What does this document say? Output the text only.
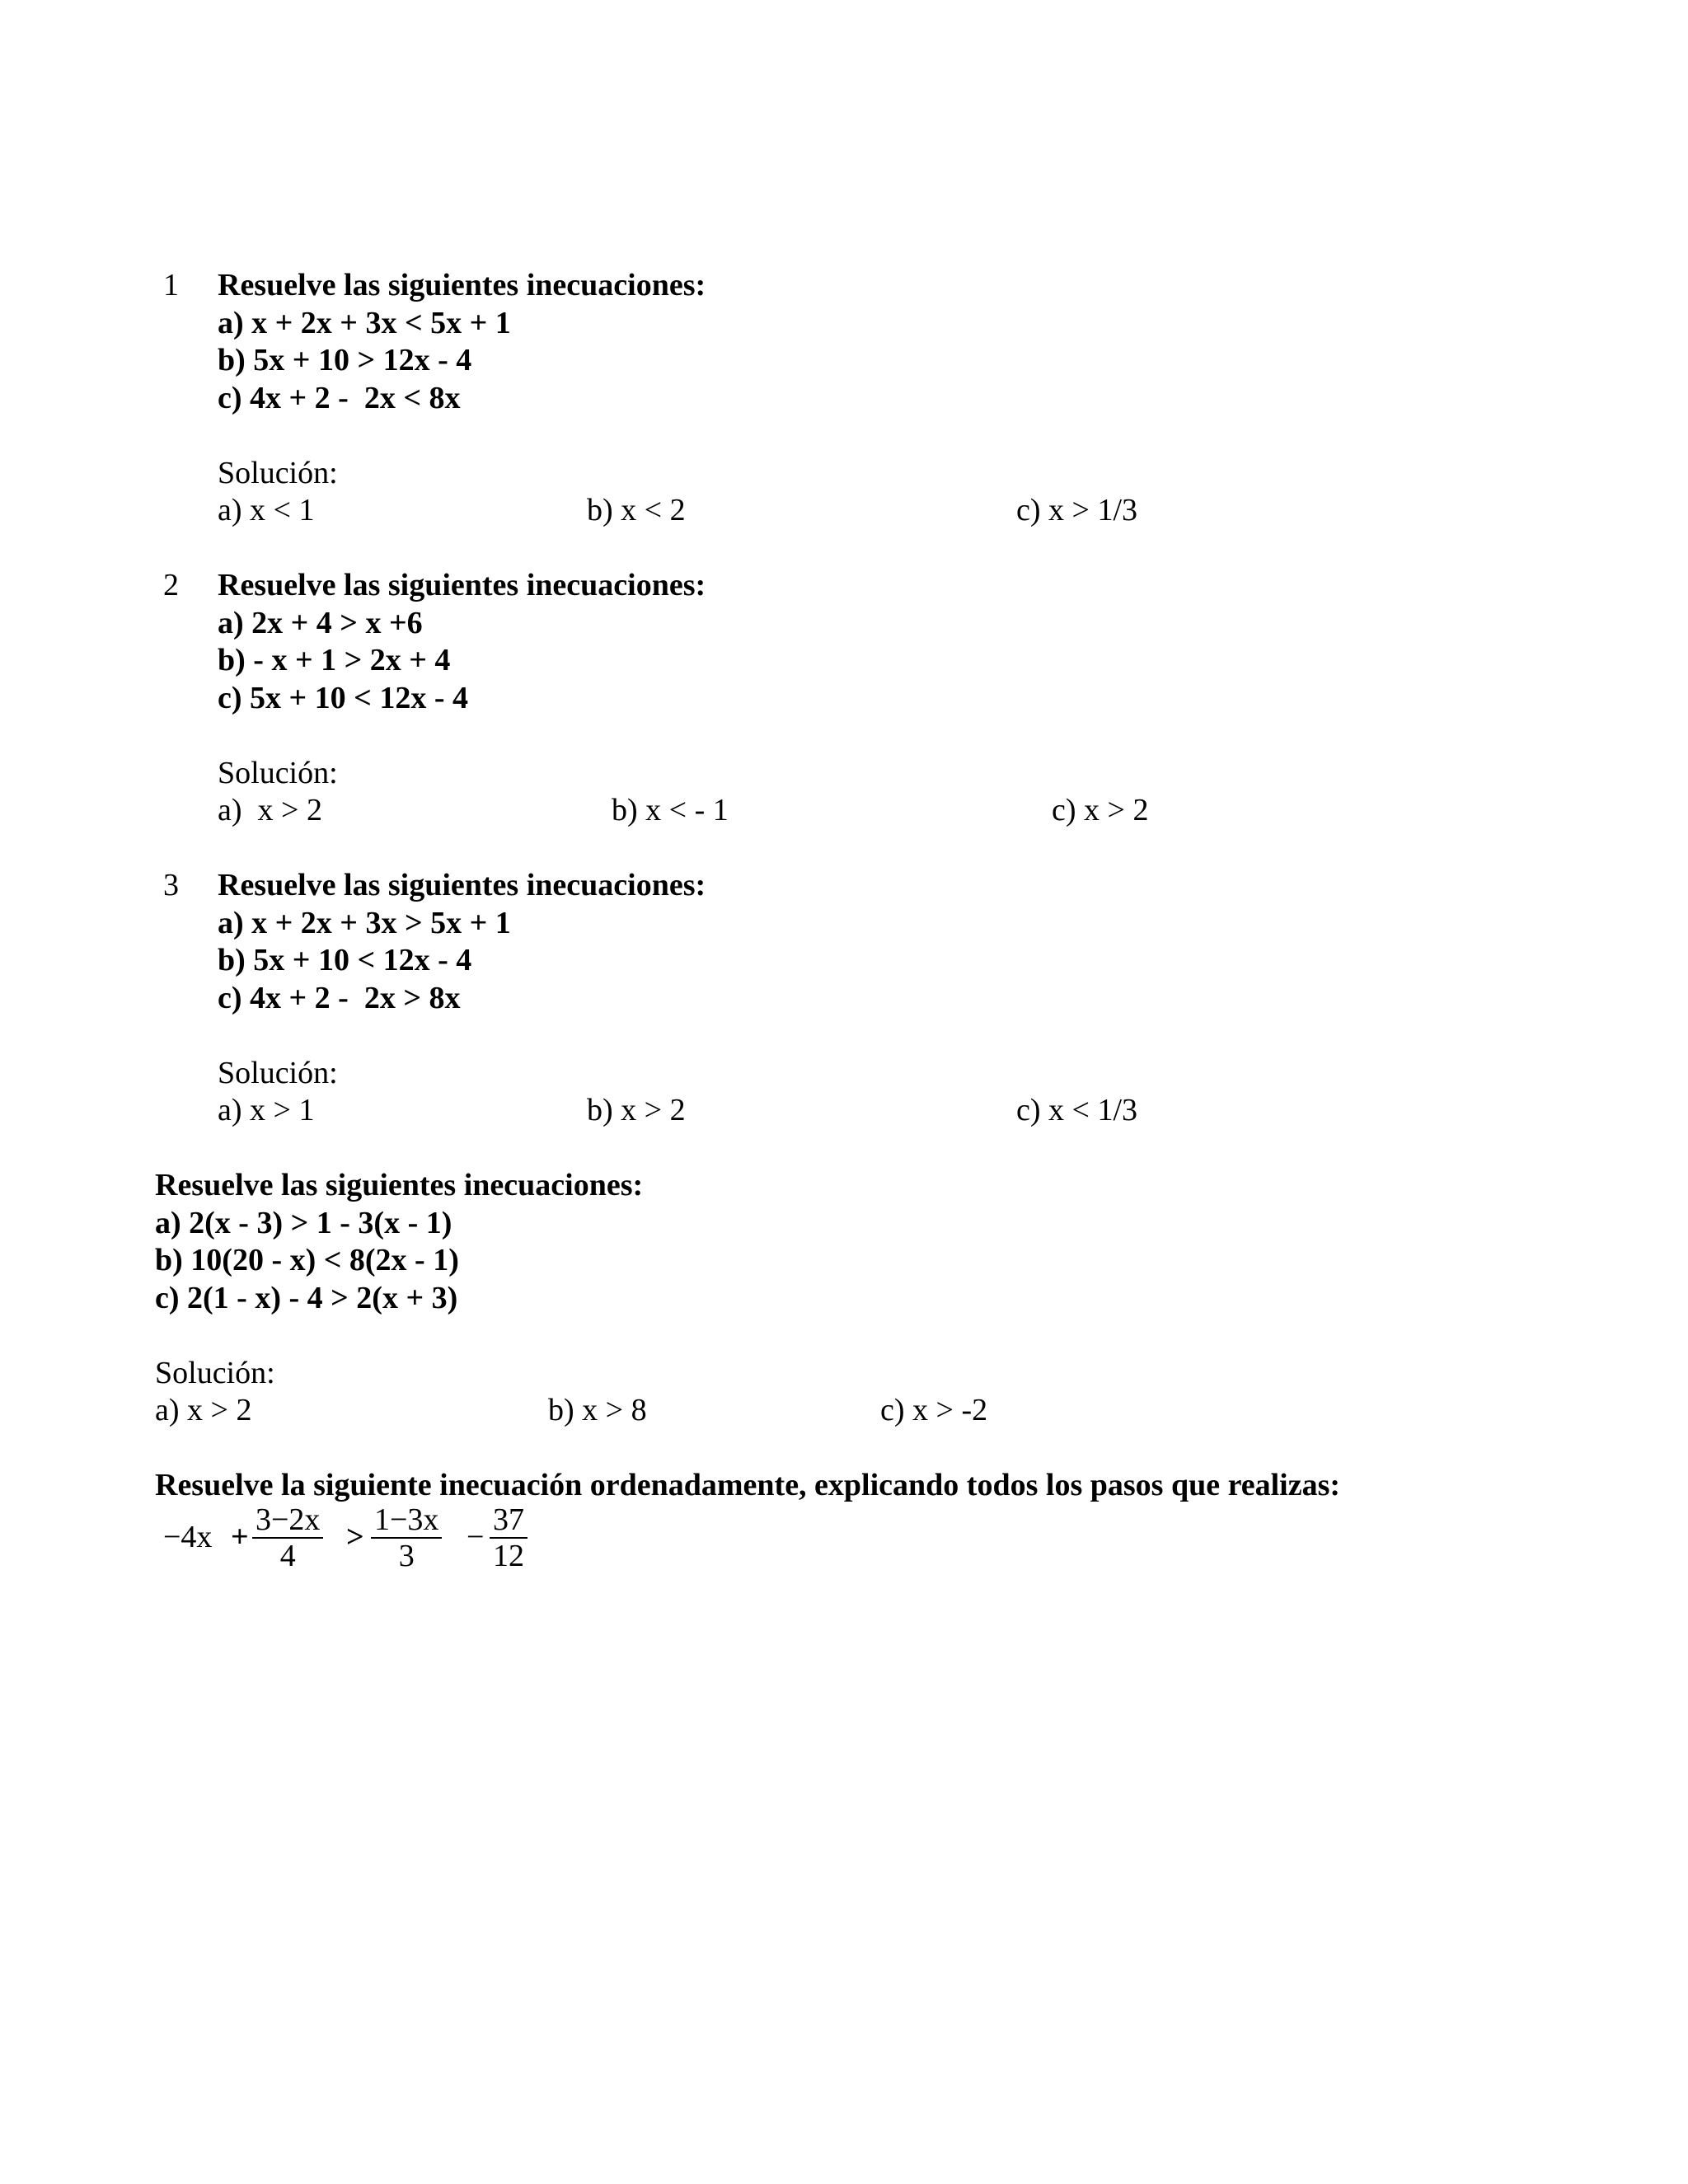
1 Resuelve las siguientes inecuaciones:
a) x + 2x + 3x < 5x + 1
b) 5x + 10 > 12x - 4
c) 4x + 2 -  2x < 8x
Solución:
a) x < 1	b) x < 2	c) x > 1/3
2 Resuelve las siguientes inecuaciones:
a) 2x + 4 > x +6
b) - x + 1 > 2x + 4
c) 5x + 10 < 12x - 4
Solución:
a)  x > 2	b) x < - 1	c) x > 2
3 Resuelve las siguientes inecuaciones:
a) x + 2x + 3x > 5x + 1
b) 5x + 10 < 12x - 4
c) 4x + 2 -  2x > 8x
Solución:
a) x > 1	b) x > 2	c) x < 1/3
Resuelve las siguientes inecuaciones:
a) 2(x - 3) > 1 - 3(x - 1)
b) 10(20 - x) < 8(2x - 1)
c) 2(1 - x) - 4 > 2(x + 3)
Solución:
a) x > 2	b) x > 8	c) x > -2
Resuelve la siguiente inecuación ordenadamente, explicando todos los pasos que realizas:
−4x + 3−2x
4
> 1−3x
3
− 37
12
